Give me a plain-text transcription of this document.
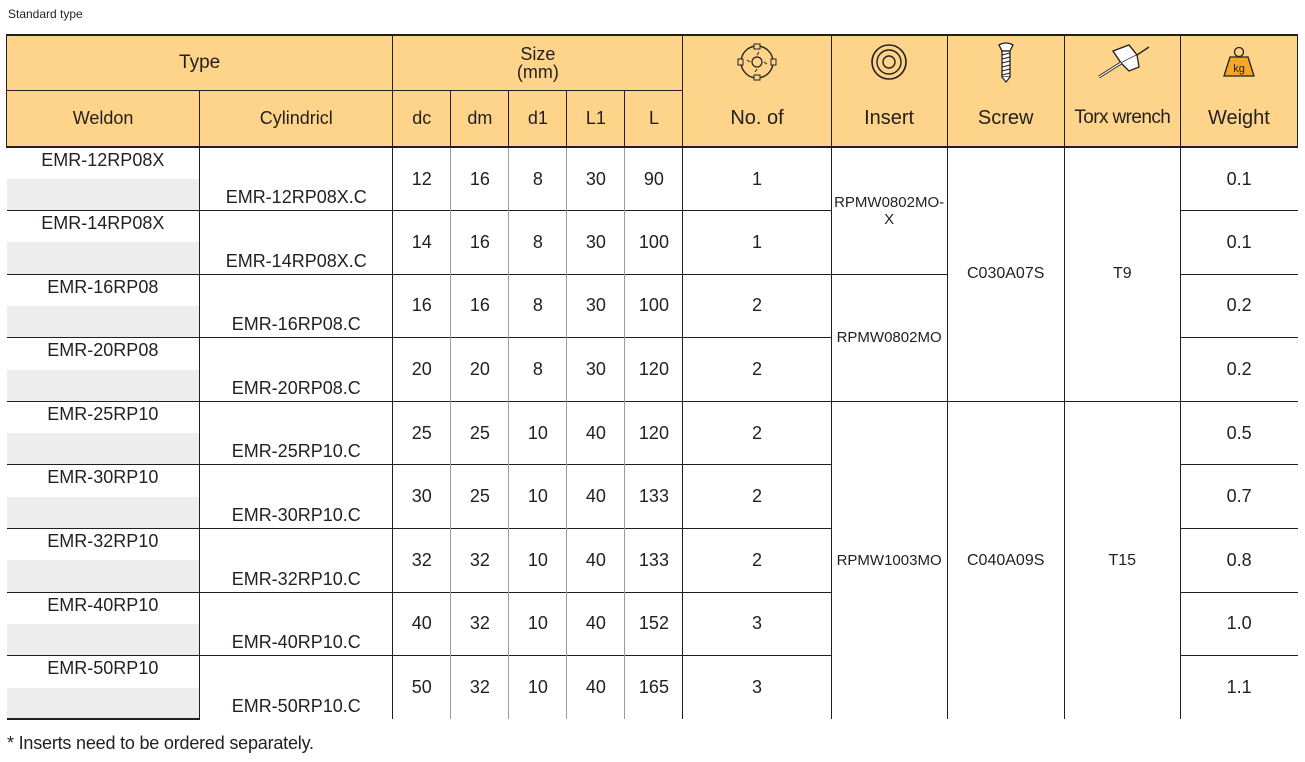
Standard type
Type		Size
(mm)									kg

Weldon	Cylindricl	dc	dm	d1	L1	L	No. of	Insert	Screw	Torx wrench	Weight
EMR-12RP08X	EMR-12RP08X.C	12	16	8	30	90	1	RPMW0802MO-X	C030A07S	T9	0.1

EMR-14RP08X	EMR-14RP08X.C	14	16	8	30	100	1				0.1

EMR-16RP08	EMR-16RP08.C	16	16	8	30	100	2	RPMW0802MO			0.2

EMR-20RP08	EMR-20RP08.C	20	20	8	30	120	2				0.2

EMR-25RP10	EMR-25RP10.C	25	25	10	40	120	2	RPMW1003MO	C040A09S	T15	0.5

EMR-30RP10	EMR-30RP10.C	30	25	10	40	133	2				0.7

EMR-32RP10	EMR-32RP10.C	32	32	10	40	133	2				0.8

EMR-40RP10	EMR-40RP10.C	40	32	10	40	152	3				1.0

EMR-50RP10	EMR-50RP10.C	50	32	10	40	165	3				1.1

* Inserts need to be ordered separately.
